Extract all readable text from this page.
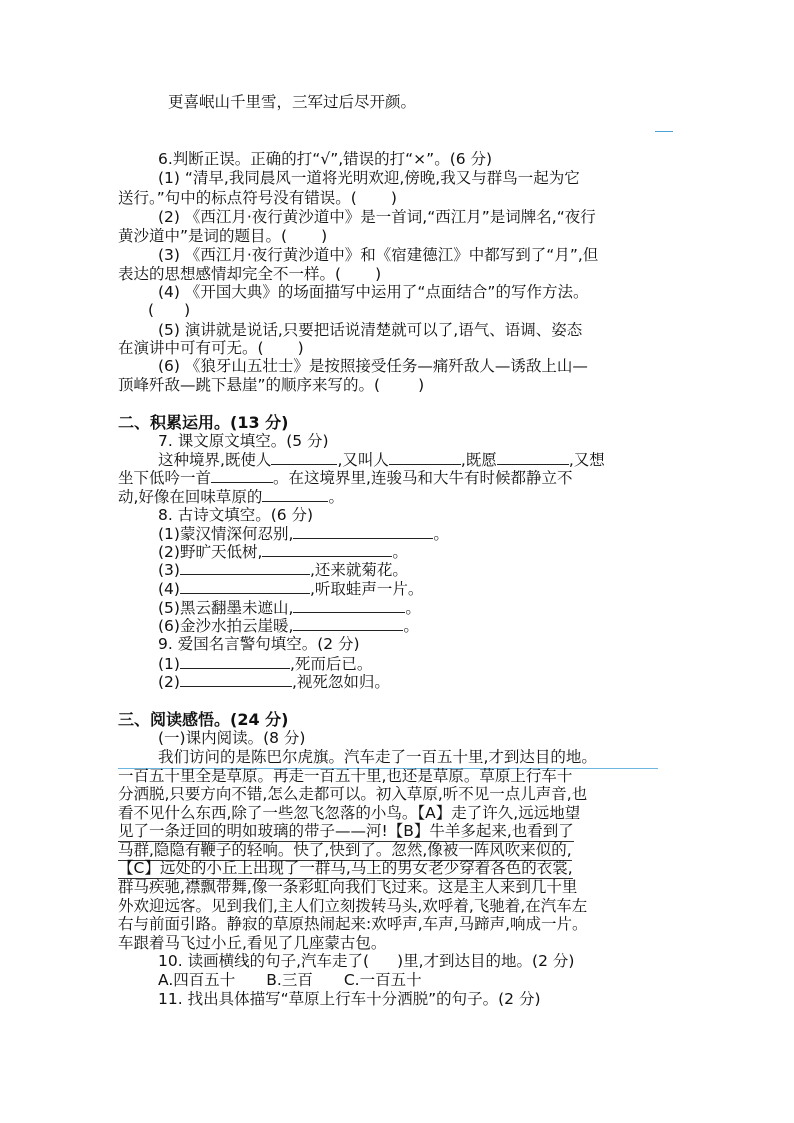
更喜岷山千里雪，三军过后尽开颜。
6.判断正误。正确的打“√”,错误的打“×”。(6 分)
(1) “清早,我同晨风一道将光明欢迎,傍晚,我又与群鸟一起为它
送行。”句中的标点符号没有错误。( )
(2) 《西江月·夜行黄沙道中》是一首词,“西江月”是词牌名,“夜行
黄沙道中”是词的题目。( )
(3) 《西江月·夜行黄沙道中》和《宿建德江》中都写到了“月”,但
表达的思想感情却完全不一样。( )
(4) 《开国大典》的场面描写中运用了“点面结合”的写作方法。
( )
(5) 演讲就是说话,只要把话说清楚就可以了,语气、语调、姿态
在演讲中可有可无。( )
(6) 《狼牙山五壮士》是按照接受任务—痛歼敌人—诱敌上山—
顶峰歼敌—跳下悬崖”的顺序来写的。( )
二、积累运用。(13 分)
7. 课文原文填空。(5 分)
这种境界,既使人	,又叫人	,既愿	,又想
坐下低吟一首	。在这境界里,连骏马和大牛有时候都静立不
动,好像在回味草原的	。
8. 古诗文填空。(6 分)
(1)蒙汉情深何忍别,	。
(2)野旷天低树,	。
(3)	,还来就菊花。
(4)	,听取蛙声一片。
(5)黑云翻墨未遮山,	。
(6)金沙水拍云崖暖,	。
9. 爱国名言警句填空。(2 分)
(1)	,死而后已。
(2)	,视死忽如归。
三、阅读感悟。(24 分)
(一)课内阅读。(8 分)
我们访问的是陈巴尔虎旗。汽车走了一百五十里,才到达目的地。
一百五十里全是草原。再走一百五十里,也还是草原。草原上行车十
分洒脱,只要方向不错,怎么走都可以。初入草原,听不见一点儿声音,也
看不见什么东西,除了一些忽飞忽落的小鸟。【A】走了许久,远远地望
见了一条迂回的明如玻璃的带子——河!【B】牛羊多起来,也看到了
马群,隐隐有鞭子的轻响。快了,快到了。忽然,像被一阵风吹来似的,
【C】远处的小丘上出现了一群马,马上的男女老少穿着各色的衣裳,
群马疾驰,襟飘带舞,像一条彩虹向我们飞过来。这是主人来到几十里
外欢迎远客。见到我们,主人们立刻拨转马头,欢呼着,飞驰着,在汽车左
右与前面引路。静寂的草原热闹起来:欢呼声,车声,马蹄声,响成一片。
车跟着马飞过小丘,看见了几座蒙古包。
10. 读画横线的句子,汽车走了( )里,才到达目的地。(2 分)
A.四百五十　　B.三百　　C.一百五十
11. 找出具体描写“草原上行车十分洒脱”的句子。(2 分)
